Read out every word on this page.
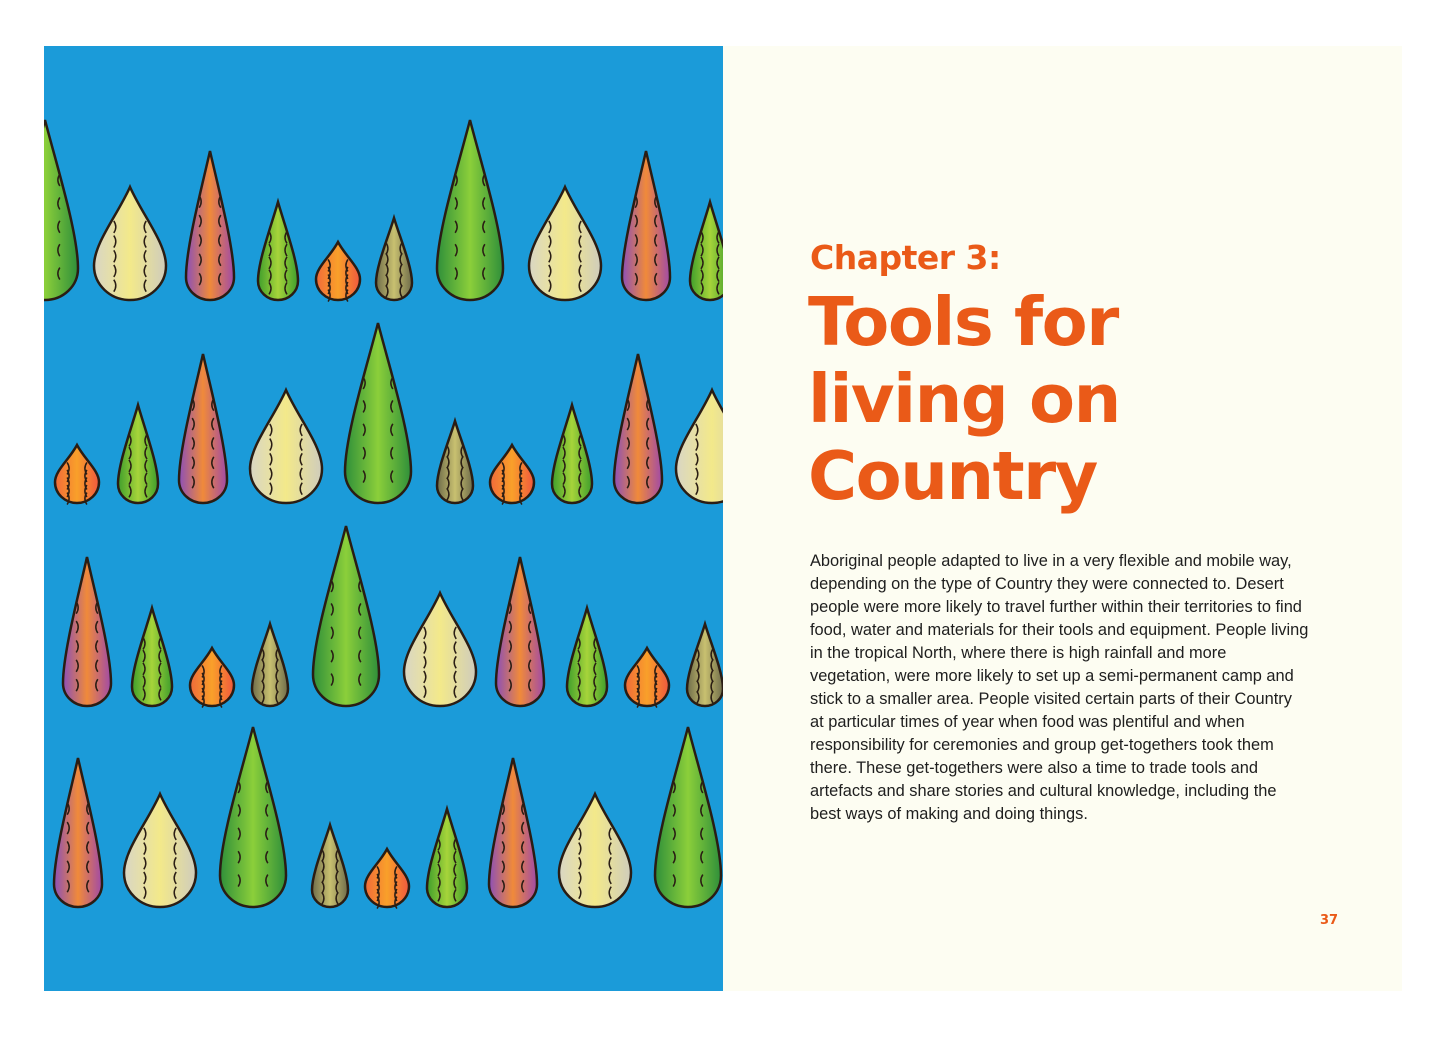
Chapter 3:
Tools for living on Country
Aboriginal people adapted to live in a very flexible and mobile way, depending on the type of Country they were connected to. Desert people were more likely to travel further within their territories to find food, water and materials for their tools and equipment. People living in the tropical North, where there is high rainfall and more vegetation, were more likely to set up a semi-permanent camp and stick to a smaller area. People visited certain parts of their Country at particular times of year when food was plentiful and when responsibility for ceremonies and group get-togethers took them there. These get-togethers were also a time to trade tools and artefacts and share stories and cultural knowledge, including the best ways of making and doing things.
37
